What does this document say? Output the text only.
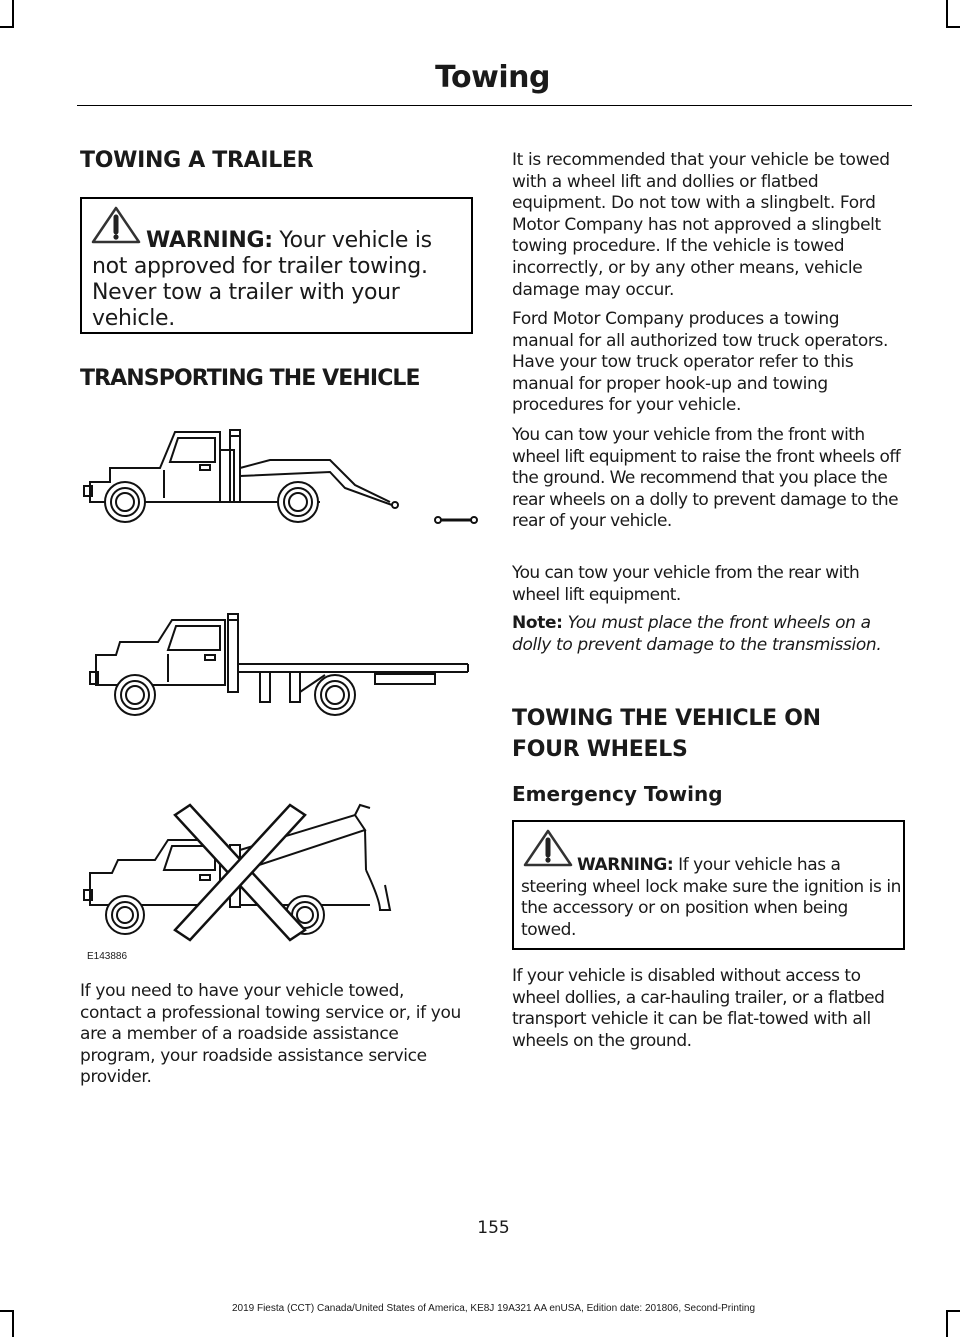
Towing
TOWING A TRAILER

WARNING: Your vehicle is not approved for trailer towing. Never tow a trailer with your vehicle.

TRANSPORTING THE VEHICLE
E143886

If you need to have your vehicle towed, contact a professional towing service or, if you are a member of a roadside assistance program, your roadside assistance service provider.

It is recommended that your vehicle be towed with a wheel lift and dollies or flatbed equipment. Do not tow with a slingbelt. Ford Motor Company has not approved a slingbelt towing procedure. If the vehicle is towed incorrectly, or by any other means, vehicle damage may occur.

Ford Motor Company produces a towing manual for all authorized tow truck operators. Have your tow truck operator refer to this manual for proper hook-up and towing procedures for your vehicle.

You can tow your vehicle from the front with wheel lift equipment to raise the front wheels off the ground. We recommend that you place the rear wheels on a dolly to prevent damage to the rear of your vehicle.

You can tow your vehicle from the rear with wheel lift equipment.

Note: You must place the front wheels on a dolly to prevent damage to the transmission.

TOWING THE VEHICLE ON
FOUR WHEELS
Emergency Towing

WARNING: If your vehicle has a steering wheel lock make sure the ignition is in the accessory or on position when being towed.

If your vehicle is disabled without access to wheel dollies, a car-hauling trailer, or a flatbed transport vehicle it can be flat-towed with all wheels on the ground.

155
2019 Fiesta (CCT) Canada/United States of America, KE8J 19A321 AA enUSA, Edition date: 201806, Second-Printing
